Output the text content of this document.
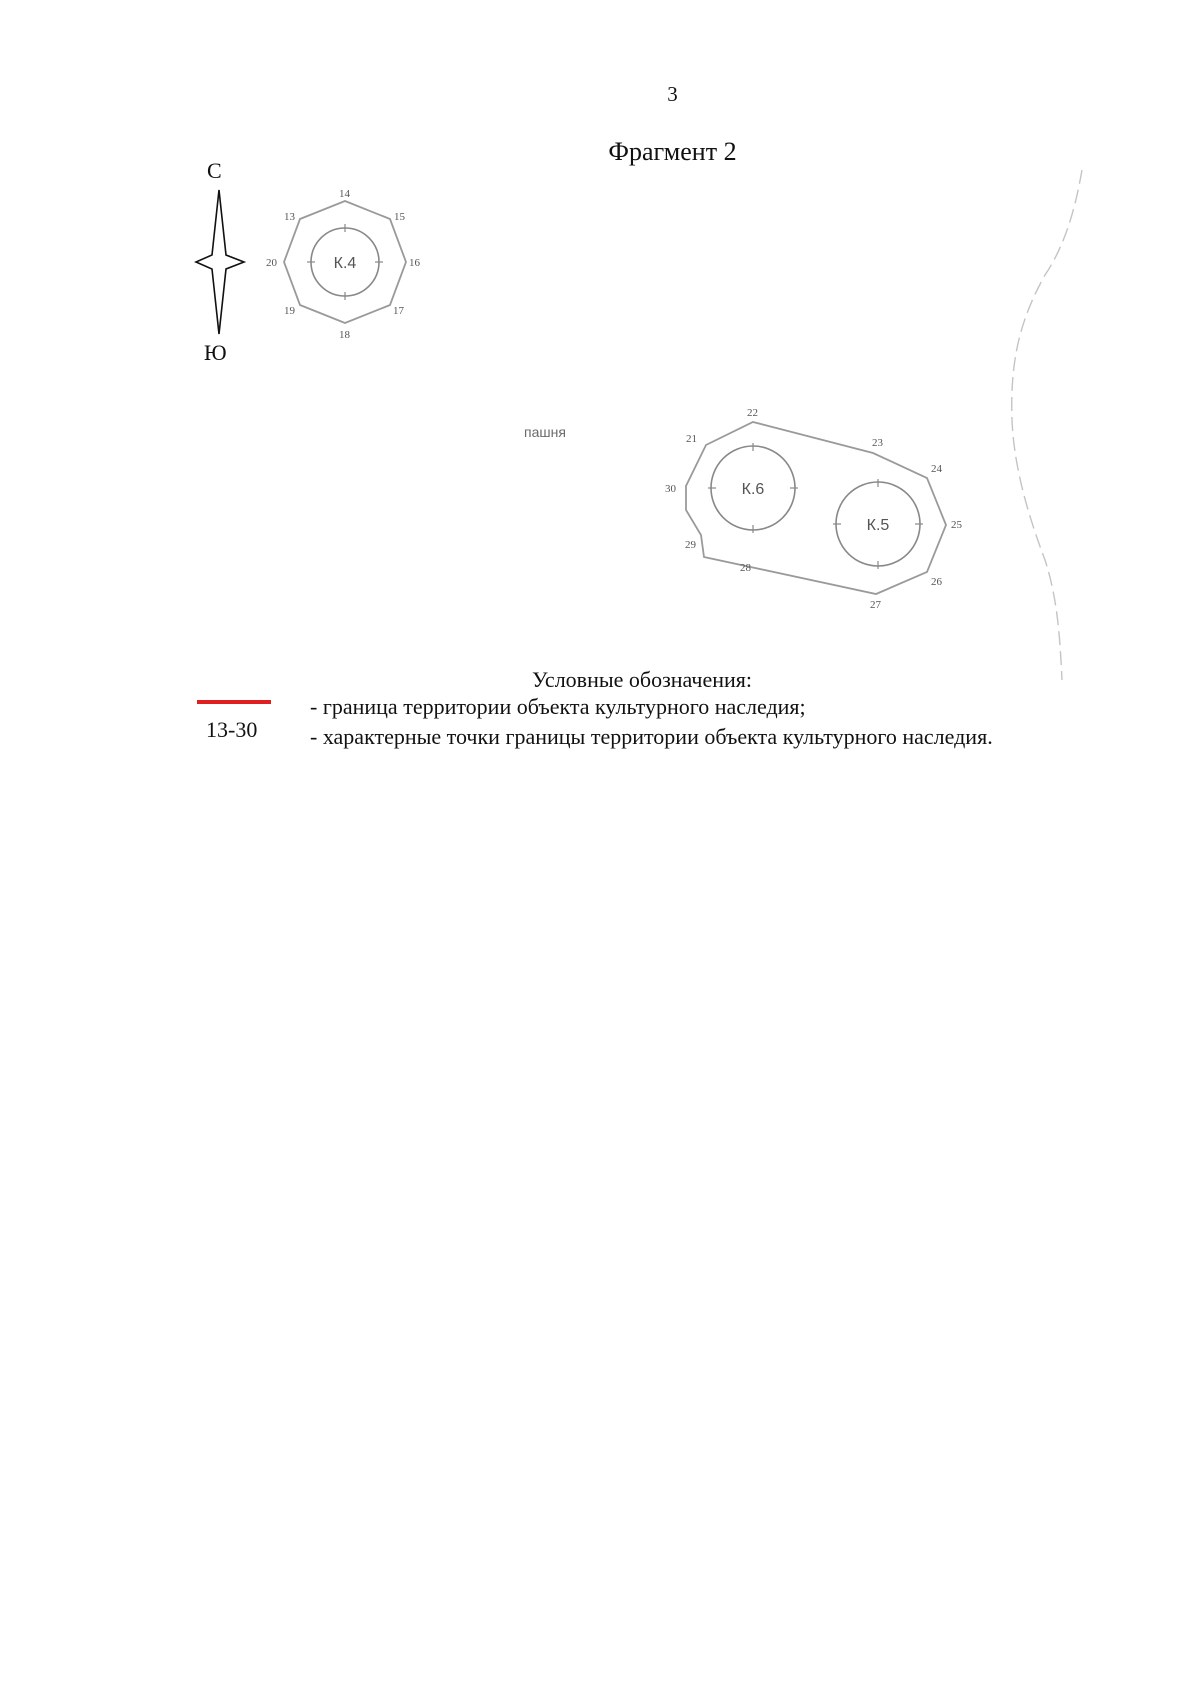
3
Фрагмент 2
С
Ю
К.4
14
13	15
16
17
18
19
20
пашня
К.6
К.5
21
22
23
24
25
26
27
28
29
30
Условные обозначения:
- граница территории объекта культурного наследия;
13-30 - характерные точки границы территории объекта культурного наследия.
